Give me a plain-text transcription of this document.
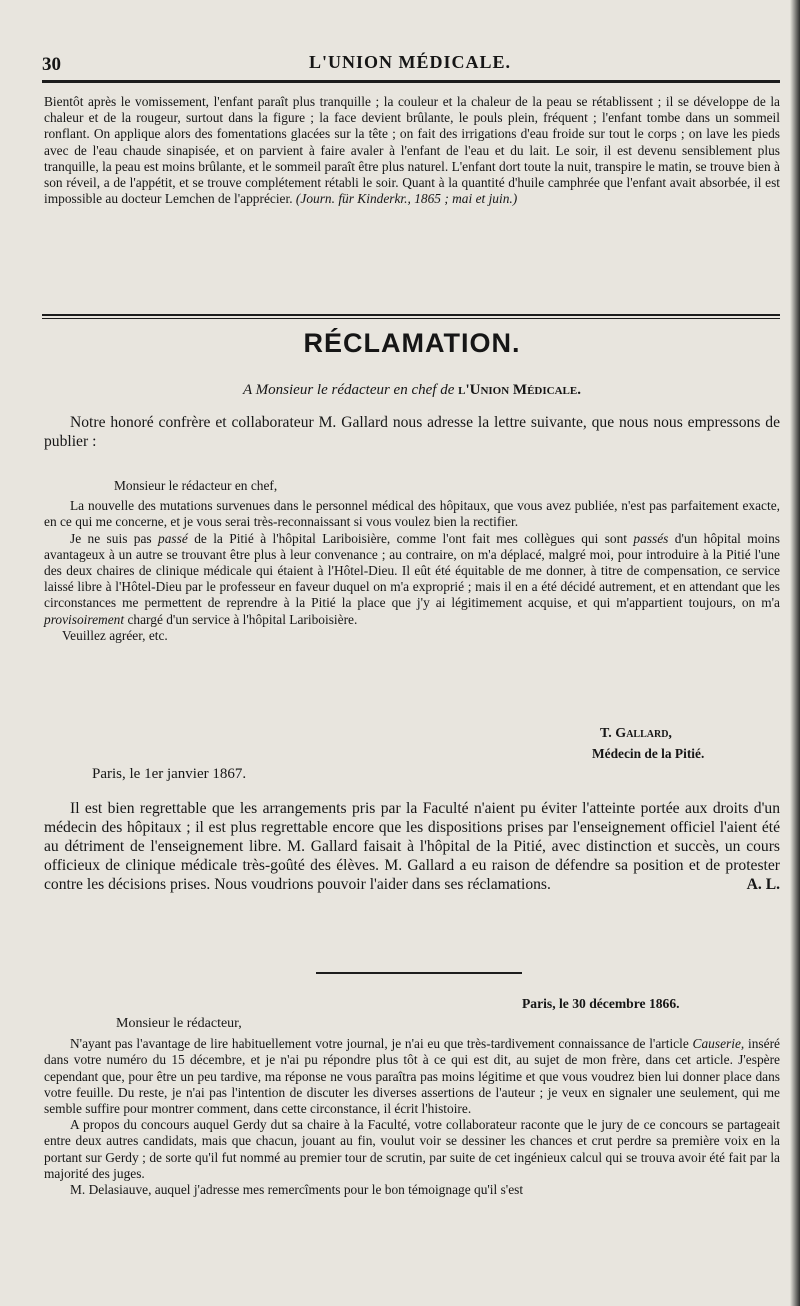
30	L'UNION MÉDICALE.

Bientôt après le vomissement, l'enfant paraît plus tranquille ; la couleur et la chaleur de la peau se rétablissent ; il se développe de la chaleur et de la rougeur, surtout dans la figure ; la face devient brûlante, le pouls plein, fréquent ; l'enfant tombe dans un sommeil ronflant. On applique alors des fomentations glacées sur la tête ; on fait des irrigations d'eau froide sur tout le corps ; on lave les pieds avec de l'eau chaude sinapisée, et on parvient à faire avaler à l'enfant de l'eau et du lait. Le soir, il est devenu sensiblement plus tranquille, la peau est moins brûlante, et le sommeil paraît être plus naturel. L'enfant dort toute la nuit, transpire le matin, se trouve bien à son réveil, a de l'appétit, et se trouve complétement rétabli le soir. Quant à la quantité d'huile camphrée que l'enfant avait absorbée, il est impossible au docteur Lemchen de l'apprécier. (Journ. für Kinderkr., 1865 ; mai et juin.)

RÉCLAMATION.
A Monsieur le rédacteur en chef de l'Union Médicale.

Notre honoré confrère et collaborateur M. Gallard nous adresse la lettre suivante, que nous nous empressons de publier :

Monsieur le rédacteur en chef,

La nouvelle des mutations survenues dans le personnel médical des hôpitaux, que vous avez publiée, n'est pas parfaitement exacte, en ce qui me concerne, et je vous serai très-reconnaissant si vous voulez bien la rectifier.

Je ne suis pas passé de la Pitié à l'hôpital Lariboisière, comme l'ont fait mes collègues qui sont passés d'un hôpital moins avantageux à un autre se trouvant être plus à leur convenance ; au contraire, on m'a déplacé, malgré moi, pour introduire à la Pitié l'une des deux chaires de clinique médicale qui étaient à l'Hôtel-Dieu. Il eût été équitable de me donner, à titre de compensation, ce service laissé libre à l'Hôtel-Dieu par le professeur en faveur duquel on m'a exproprié ; mais il en a été décidé autrement, et en attendant que les circonstances me permettent de reprendre à la Pitié la place que j'y ai légitimement acquise, et qui m'appartient toujours, on m'a provisoirement chargé d'un service à l'hôpital Lariboisière.

Veuillez agréer, etc.

T. Gallard,
Médecin de la Pitié.
Paris, le 1er janvier 1867.

Il est bien regrettable que les arrangements pris par la Faculté n'aient pu éviter l'atteinte portée aux droits d'un médecin des hôpitaux ; il est plus regrettable encore que les dispositions prises par l'enseignement officiel l'aient été au détriment de l'enseignement libre. M. Gallard faisait à l'hôpital de la Pitié, avec distinction et succès, un cours officieux de clinique médicale très-goûté des élèves. M. Gallard a eu raison de défendre sa position et de protester contre les décisions prises. Nous voudrions pouvoir l'aider dans ses réclamations.	A. L.

Paris, le 30 décembre 1866.

Monsieur le rédacteur,

N'ayant pas l'avantage de lire habituellement votre journal, je n'ai eu que très-tardivement connaissance de l'article Causerie, inséré dans votre numéro du 15 décembre, et je n'ai pu répondre plus tôt à ce qui est dit, au sujet de mon frère, dans cet article. J'espère cependant que, pour être un peu tardive, ma réponse ne vous paraîtra pas moins légitime et que vous voudrez bien lui donner place dans votre feuille. Du reste, je n'ai pas l'intention de discuter les diverses assertions de l'auteur ; je veux en signaler une seulement, qui me semble suffire pour montrer comment, dans cette circonstance, il écrit l'histoire.

A propos du concours auquel Gerdy dut sa chaire à la Faculté, votre collaborateur raconte que le jury de ce concours se partageait entre deux autres candidats, mais que chacun, jouant au fin, voulut voir se dessiner les chances et crut perdre sa première voix en la portant sur Gerdy ; de sorte qu'il fut nommé au premier tour de scrutin, par suite de cet ingénieux calcul qui se trouva avoir été fait par la majorité des juges.

M. Delasiauve, auquel j'adresse mes remercîments pour le bon témoignage qu'il s'est
